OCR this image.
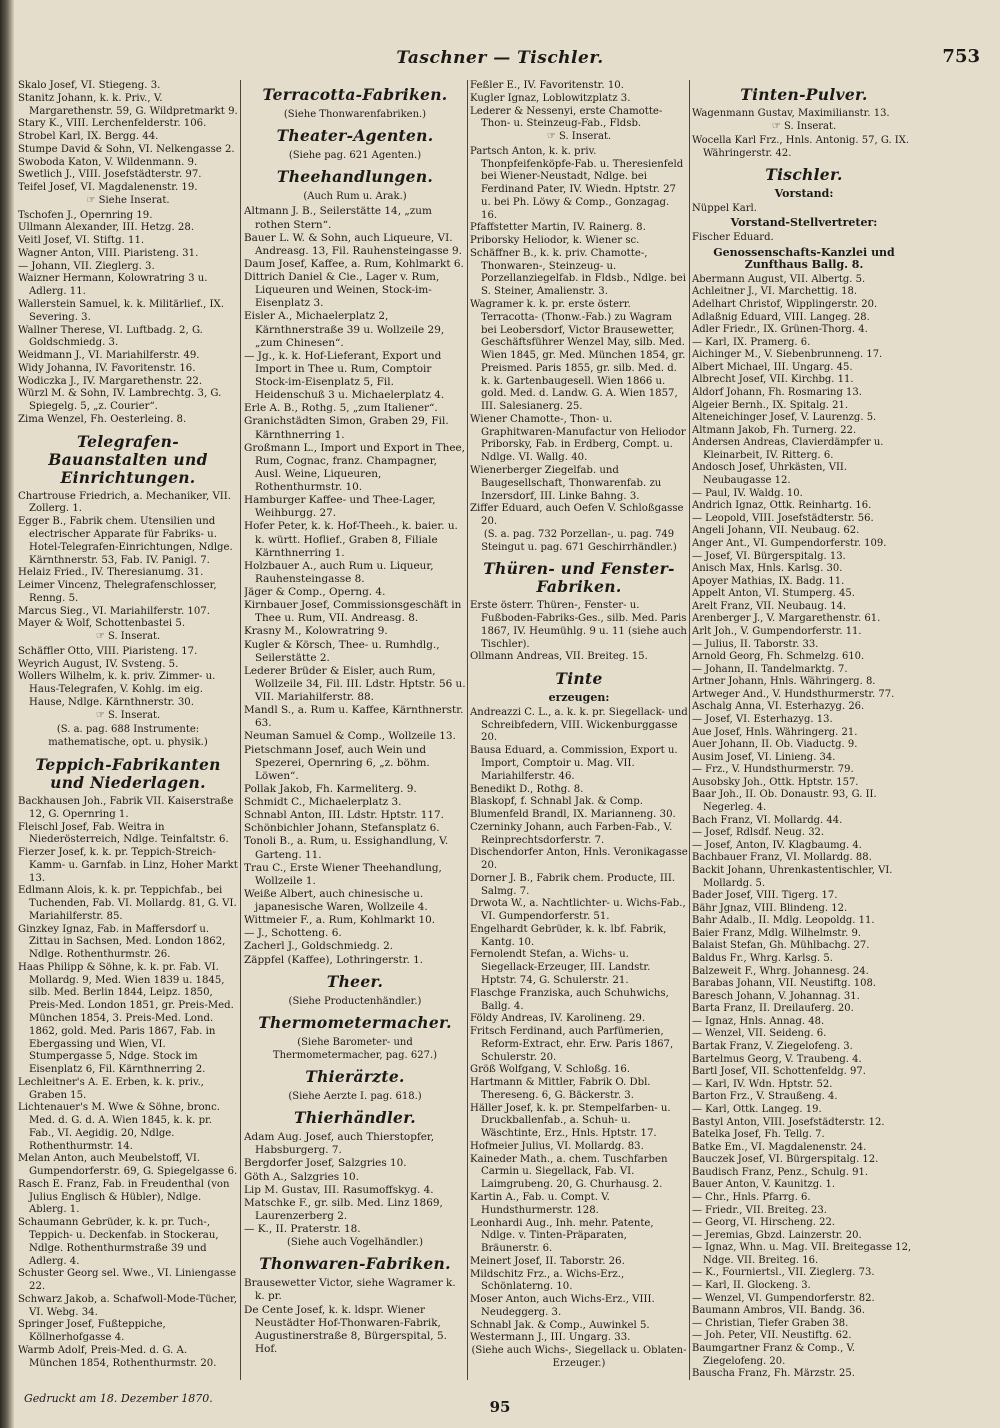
Taschner — Tischler.	753

Skalo Josef, VI. Stiegeng. 3.

Stanitz Johann, k. k. Priv., V. Margarethenstr. 59, G. Wildpretmarkt 9.

Stary K., VIII. Lerchenfelderstr. 106.

Strobel Karl, IX. Bergg. 44.

Stumpe David & Sohn, VI. Nelkengasse 2.

Swoboda Katon, V. Wildenmann. 9.

Swetlich J., VIII. Josefstädterstr. 97.

Teifel Josef, VI. Magdalenenstr. 19.

☞ Siehe Inserat.

Tschofen J., Opernring 19.

Ullmann Alexander, III. Hetzg. 28.

Veitl Josef, VI. Stiftg. 11.

Wagner Anton, VIII. Piaristeng. 31.

— Johann, VII. Zieglerg. 3.

Waizner Hermann, Kolowratring 3 u. Adlerg. 11.

Wallerstein Samuel, k. k. Militärlief., IX. Severing. 3.

Wallner Therese, VI. Luftbadg. 2, G. Goldschmiedg. 3.

Weidmann J., VI. Mariahilferstr. 49.

Widy Johanna, IV. Favoritenstr. 16.

Wodiczka J., IV. Margarethenstr. 22.

Würzl M. & Sohn, IV. Lambrechtg. 3, G. Spiegelg. 5, „z. Courier“.

Zima Wenzel, Fh. Oesterleing. 8.

Telegrafen-Bauanstalten und Einrichtungen.

Chartrouse Friedrich, a. Mechaniker, VII. Zollerg. 1.

Egger B., Fabrik chem. Utensilien und electrischer Apparate für Fabriks- u. Hotel-Telegrafen-Einrichtungen, Ndlge. Kärnthnerstr. 53, Fab. IV. Panigl. 7.

Helaiz Fried., IV. Theresianumg. 31.

Leimer Vincenz, Thelegrafenschlosser, Renng. 5.

Marcus Sieg., VI. Mariahilferstr. 107.

Mayer & Wolf, Schottenbastei 5.

☞ S. Inserat.

Schäffler Otto, VIII. Piaristeng. 17.

Weyrich August, IV. Svsteng. 5.

Wollers Wilhelm, k. k. priv. Zimmer- u. Haus-Telegrafen, V. Kohlg. im eig. Hause, Ndlge. Kärnthnerstr. 30.

☞ S. Inserat.

(S. a. pag. 688 Instrumente: mathematische, opt. u. physik.)

Teppich-Fabrikanten und Niederlagen.

Backhausen Joh., Fabrik VII. Kaiserstraße 12, G. Opernring 1.

Fleischl Josef, Fab. Weitra in Niederösterreich, Ndlge. Teinfaltstr. 6.

Fierzer Josef, k. k. pr. Teppich-Streich-Kamm- u. Garnfab. in Linz, Hoher Markt 13.

Edlmann Alois, k. k. pr. Teppichfab., bei Tuchenden, Fab. VI. Mollardg. 81, G. VI. Mariahilferstr. 85.

Ginzkey Ignaz, Fab. in Maffersdorf u. Zittau in Sachsen, Med. London 1862, Ndlge. Rothenthurmstr. 26.

Haas Philipp & Söhne, k. k. pr. Fab. VI. Mollardg. 9, Med. Wien 1839 u. 1845, silb. Med. Berlin 1844, Leipz. 1850, Preis-Med. London 1851, gr. Preis-Med. München 1854, 3. Preis-Med. Lond. 1862, gold. Med. Paris 1867, Fab. in Ebergassing und Wien, VI. Stumpergasse 5, Ndge. Stock im Eisenplatz 6, Fil. Kärnthnerring 2.

Lechleitner's A. E. Erben, k. k. priv., Graben 15.

Lichtenauer's M. Wwe & Söhne, bronc. Med. d. G. d. A. Wien 1845, k. k. pr. Fab., VI. Aegidig. 20, Ndlge. Rothenthurmstr. 14.

Melan Anton, auch Meubelstoff, VI. Gumpendorferstr. 69, G. Spiegelgasse 6.

Rasch E. Franz, Fab. in Freudenthal (von Julius Englisch & Hübler), Ndlge. Ablerg. 1.

Schaumann Gebrüder, k. k. pr. Tuch-, Teppich- u. Deckenfab. in Stockerau, Ndlge. Rothenthurmstraße 39 und Adlerg. 4.

Schuster Georg sel. Wwe., VI. Liniengasse 22.

Schwarz Jakob, a. Schafwoll-Mode-Tücher, VI. Webg. 34.

Springer Josef, Fußteppiche, Köllnerhofgasse 4.

Warmb Adolf, Preis-Med. d. G. A. München 1854, Rothenthurmstr. 20.

Terracotta-Fabriken.

(Siehe Thonwarenfabriken.)

Theater-Agenten.

(Siehe pag. 621 Agenten.)

Theehandlungen.

(Auch Rum u. Arak.)

Altmann J. B., Seilerstätte 14, „zum rothen Stern“.

Bauer L. W. & Sohn, auch Liqueure, VI. Andreasg. 13, Fil. Rauhensteingasse 9.

Daum Josef, Kaffee, a. Rum, Kohlmarkt 6.

Dittrich Daniel & Cie., Lager v. Rum, Liqueuren und Weinen, Stock-im-Eisenplatz 3.

Eisler A., Michaelerplatz 2, Kärnthnerstraße 39 u. Wollzeile 29, „zum Chinesen“.

— Jg., k. k. Hof-Lieferant, Export und Import in Thee u. Rum, Comptoir Stock-im-Eisenplatz 5, Fil. Heidenschuß 3 u. Michaelerplatz 4.

Erle A. B., Rothg. 5, „zum Italiener“.

Granichstädten Simon, Graben 29, Fil. Kärnthnerring 1.

Großmann L., Import und Export in Thee, Rum, Cognac, franz. Champagner, Ausl. Weine, Liqueuren, Rothenthurmstr. 10.

Hamburger Kaffee- und Thee-Lager, Weihburgg. 27.

Hofer Peter, k. k. Hof-Theeh., k. baier. u. k. württ. Hoflief., Graben 8, Filiale Kärnthnerring 1.

Holzbauer A., auch Rum u. Liqueur, Rauhensteingasse 8.

Jäger & Comp., Operng. 4.

Kirnbauer Josef, Commissionsgeschäft in Thee u. Rum, VII. Andreasg. 8.

Krasny M., Kolowratring 9.

Kugler & Körsch, Thee- u. Rumhdlg., Seilerstätte 2.

Lederer Brüder & Eisler, auch Rum, Wollzeile 34, Fil. III. Ldstr. Hptstr. 56 u. VII. Mariahilferstr. 88.

Mandl S., a. Rum u. Kaffee, Kärnthnerstr. 63.

Neuman Samuel & Comp., Wollzeile 13.

Pietschmann Josef, auch Wein und Spezerei, Opernring 6, „z. böhm. Löwen“.

Pollak Jakob, Fh. Karmeliterg. 9.

Schmidt C., Michaelerplatz 3.

Schnabl Anton, III. Ldstr. Hptstr. 117.

Schönbichler Johann, Stefansplatz 6.

Tonoli B., a. Rum, u. Essighandlung, V. Garteng. 11.

Trau C., Erste Wiener Theehandlung, Wollzeile 1.

Weiße Albert, auch chinesische u. japanesische Waren, Wollzeile 4.

Wittmeier F., a. Rum, Kohlmarkt 10.

— J., Schotteng. 6.

Zacherl J., Goldschmiedg. 2.

Zäppfel (Kaffee), Lothringerstr. 1.

Theer.

(Siehe Productenhändler.)

Thermometermacher.

(Siehe Barometer- und Thermometermacher, pag. 627.)

Thierärzte.

(Siehe Aerzte I. pag. 618.)

Thierhändler.

Adam Aug. Josef, auch Thierstopfer, Habsburgerg. 7.

Bergdorfer Josef, Salzgries 10.

Göth A., Salzgries 10.

Lip M. Gustav, III. Rasumoffskyg. 4.

Matschke F., gr. silb. Med. Linz 1869, Laurenzerberg 2.

— K., II. Praterstr. 18.

(Siehe auch Vogelhändler.)

Thonwaren-Fabriken.

Brausewetter Victor, siehe Wagramer k. k. pr.

De Cente Josef, k. k. ldspr. Wiener Neustädter Hof-Thonwaren-Fabrik, Augustinerstraße 8, Bürgerspital, 5. Hof.

Feßler E., IV. Favoritenstr. 10.

Kugler Ignaz, Loblowitzplatz 3.

Lederer & Nessenyi, erste Chamotte-Thon- u. Steinzeug-Fab., Fldsb.

☞ S. Inserat.

Partsch Anton, k. k. priv. Thonpfeifenköpfe-Fab. u. Theresienfeld bei Wiener-Neustadt, Ndlge. bei Ferdinand Pater, IV. Wiedn. Hptstr. 27 u. bei Ph. Löwy & Comp., Gonzagag. 16.

Pfaffstetter Martin, IV. Rainerg. 8.

Priborsky Heliodor, k. Wiener sc.

Schäffner B., k. k. priv. Chamotte-, Thonwaren-, Steinzeug- u. Porzellanziegelfab. in Fldsb., Ndlge. bei S. Steiner, Amalienstr. 3.

Wagramer k. k. pr. erste österr. Terracotta- (Thonw.-Fab.) zu Wagram bei Leobersdorf, Victor Brausewetter, Geschäftsführer Wenzel May, silb. Med. Wien 1845, gr. Med. München 1854, gr. Preismed. Paris 1855, gr. silb. Med. d. k. k. Gartenbaugesell. Wien 1866 u. gold. Med. d. Landw. G. A. Wien 1857, III. Salesianerg. 25.

Wiener Chamotte-, Thon- u. Graphitwaren-Manufactur von Heliodor Priborsky, Fab. in Erdberg, Compt. u. Ndlge. VI. Wallg. 40.

Wienerberger Ziegelfab. und Baugesellschaft, Thonwarenfab. zu Inzersdorf, III. Linke Bahng. 3.

Ziffer Eduard, auch Oefen V. Schloßgasse 20.

(S. a. pag. 732 Porzellan-, u. pag. 749 Steingut u. pag. 671 Geschirrhändler.)

Thüren- und Fenster-Fabriken.

Erste österr. Thüren-, Fenster- u. Fußboden-Fabriks-Ges., silb. Med. Paris 1867, IV. Heumühlg. 9 u. 11 (siehe auch Tischler).

Ollmann Andreas, VII. Breiteg. 15.

Tinte

erzeugen:

Andreazzi C. L., a. k. k. pr. Siegellack- und Schreibfedern, VIII. Wickenburggasse 20.

Bausa Eduard, a. Commission, Export u. Import, Comptoir u. Mag. VII. Mariahilferstr. 46.

Benedikt D., Rothg. 8.

Blaskopf, f. Schnabl Jak. & Comp.

Blumenfeld Brandl, IX. Marianneng. 30.

Czerninky Johann, auch Farben-Fab., V. Reinprechtsdorferstr. 7.

Dischendorfer Anton, Hnls. Veronikagasse 20.

Dorner J. B., Fabrik chem. Producte, III. Salmg. 7.

Drwota W., a. Nachtlichter- u. Wichs-Fab., VI. Gumpendorferstr. 51.

Engelhardt Gebrüder, k. k. lbf. Fabrik, Kantg. 10.

Fernolendt Stefan, a. Wichs- u. Siegellack-Erzeuger, III. Landstr. Hptstr. 74, G. Schulerstr. 21.

Flaschge Franziska, auch Schuhwichs, Ballg. 4.

Földy Andreas, IV. Karolineng. 29.

Fritsch Ferdinand, auch Parfümerien, Reform-Extract, ehr. Erw. Paris 1867, Schulerstr. 20.

Größ Wolfgang, V. Schloßg. 16.

Hartmann & Mittler, Fabrik O. Dbl. Thereseng. 6, G. Bäckerstr. 3.

Häller Josef, k. k. pr. Stempelfarben- u. Druckballenfab., a. Schuh- u. Wäschtinte, Erz., Hnls. Hptstr. 17.

Hofmeier Julius, VI. Mollardg. 83.

Kaineder Math., a. chem. Tuschfarben Carmin u. Siegellack, Fab. VI. Laimgrubeng. 20, G. Churhausg. 2.

Kartin A., Fab. u. Compt. V. Hundsthurmerstr. 128.

Leonhardi Aug., Inh. mehr. Patente, Ndlge. v. Tinten-Präparaten, Bräunerstr. 6.

Meinert Josef, II. Taborstr. 26.

Mildschitz Frz., a. Wichs-Erz., Schönlaterng. 10.

Moser Anton, auch Wichs-Erz., VIII. Neudeggerg. 3.

Schnabl Jak. & Comp., Auwinkel 5.

Westermann J., III. Ungarg. 33.

(Siehe auch Wichs-, Siegellack u. Oblaten-Erzeuger.)

Tinten-Pulver.

Wagenmann Gustav, Maximilianstr. 13.

☞ S. Inserat.

Wocella Karl Frz., Hnls. Antonig. 57, G. IX. Währingerstr. 42.

Tischler.

Vorstand:

Nüppel Karl.

Vorstand-Stellvertreter:

Fischer Eduard.

Genossenschafts-Kanzlei und Zunfthaus Ballg. 8.

Abermann August, VII. Albertg. 5.

Achleitner J., VI. Marchettig. 18.

Adelhart Christof, Wipplingerstr. 20.

Adlaßnig Eduard, VIII. Langeg. 28.

Adler Friedr., IX. Grünen-Thorg. 4.

— Karl, IX. Pramerg. 6.

Aichinger M., V. Siebenbrunneng. 17.

Albert Michael, III. Ungarg. 45.

Albrecht Josef, VII. Kirchbg. 11.

Aldorf Johann, Fh. Rosmaring 13.

Algeier Bernh., IX. Spitalg. 21.

Alteneichinger Josef, V. Laurenzg. 5.

Altmann Jakob, Fh. Turnerg. 22.

Andersen Andreas, Clavierdämpfer u. Kleinarbeit, IV. Ritterg. 6.

Andosch Josef, Uhrkästen, VII. Neubaugasse 12.

— Paul, IV. Waldg. 10.

Andrich Ignaz, Ottk. Reinhartg. 16.

— Leopold, VIII. Josefstädterstr. 56.

Angeli Johann, VII. Neubaug. 62.

Anger Ant., VI. Gumpendorferstr. 109.

— Josef, VI. Bürgerspitalg. 13.

Anisch Max, Hnls. Karlsg. 30.

Apoyer Mathias, IX. Badg. 11.

Appelt Anton, VI. Stumperg. 45.

Arelt Franz, VII. Neubaug. 14.

Arenberger J., V. Margarethenstr. 61.

Arlt Joh., V. Gumpendorferstr. 11.

— Julius, II. Taborstr. 33.

Arnold Georg, Fh. Schmelzg. 610.

— Johann, II. Tandelmarktg. 7.

Artner Johann, Hnls. Währingerg. 8.

Artweger And., V. Hundsthurmerstr. 77.

Aschalg Anna, VI. Esterhazyg. 26.

— Josef, VI. Esterhazyg. 13.

Aue Josef, Hnls. Währingerg. 21.

Auer Johann, II. Ob. Viaductg. 9.

Ausim Josef, VI. Linieng. 34.

— Frz., V. Hundsthurmerstr. 79.

Ausobsky Joh., Ottk. Hptstr. 157.

Baar Joh., II. Ob. Donaustr. 93, G. II. Negerleg. 4.

Bach Franz, VI. Mollardg. 44.

— Josef, Rdlsdf. Neug. 32.

— Josef, Anton, IV. Klagbaumg. 4.

Bachbauer Franz, VI. Mollardg. 88.

Backit Johann, Uhrenkastentischler, VI. Mollardg. 5.

Bader Josef, VIII. Tigerg. 17.

Bähr Jgnaz, VIII. Blindeng. 12.

Bahr Adalb., II. Mdlg. Leopoldg. 11.

Baier Franz, Mdlg. Wilhelmstr. 9.

Balaist Stefan, Gh. Mühlbachg. 27.

Baldus Fr., Whrg. Karlsg. 5.

Balzeweit F., Whrg. Johannesg. 24.

Barabas Johann, VII. Neustiftg. 108.

Baresch Johann, V. Johannag. 31.

Barta Franz, II. Dreilauferg. 20.

— Ignaz, Hnls. Annag. 48.

— Wenzel, VII. Seideng. 6.

Bartak Franz, V. Ziegelofeng. 3.

Bartelmus Georg, V. Traubeng. 4.

Bartl Josef, VII. Schottenfeldg. 97.

— Karl, IV. Wdn. Hptstr. 52.

Barton Frz., V. Straußeng. 4.

— Karl, Ottk. Langeg. 19.

Bastyl Anton, VIII. Josefstädterstr. 12.

Batelka Josef, Fh. Tellg. 7.

Batke Em., VI. Magdalenenstr. 24.

Bauczek Josef, VI. Bürgerspitalg. 12.

Baudisch Franz, Penz., Schulg. 91.

Bauer Anton, V. Kaunitzg. 1.

— Chr., Hnls. Pfarrg. 6.

— Friedr., VII. Breiteg. 23.

— Georg, VI. Hirscheng. 22.

— Jeremias, Gbzd. Lainzerstr. 20.

— Ignaz, Whn. u. Mag. VII. Breitegasse 12, Ndge. VII. Breiteg. 16.

— K., Fourniertsl., VII. Zieglerg. 73.

— Karl, II. Glockeng. 3.

— Wenzel, VI. Gumpendorferstr. 82.

Baumann Ambros, VII. Bandg. 36.

— Christian, Tiefer Graben 38.

— Joh. Peter, VII. Neustiftg. 62.

Baumgartner Franz & Comp., V. Ziegelofeng. 20.

Bauscha Franz, Fh. Märzstr. 25.

Gedruckt am 18. Dezember 1870.	95
